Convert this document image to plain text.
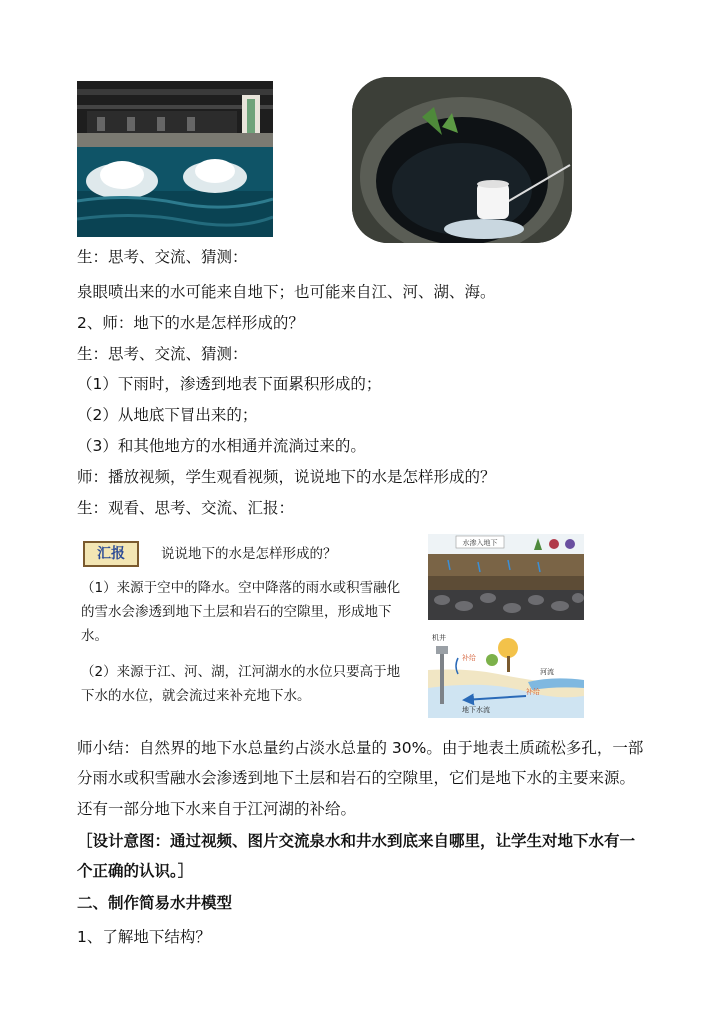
生：思考、交流、猜测：
泉眼喷出来的水可能来自地下；也可能来自江、河、湖、海。
2、师：地下的水是怎样形成的？
生：思考、交流、猜测：
（1）下雨时，渗透到地表下面累积形成的；
（2）从地底下冒出来的；
（3）和其他地方的水相通并流淌过来的。
师：播放视频，学生观看视频，说说地下的水是怎样形成的？
生：观看、思考、交流、汇报：
汇报	说说地下的水是怎样形成的？
（1）来源于空中的降水。空中降落的雨水或积雪融化的雪水会渗透到地下土层和岩石的空隙里，形成地下水。
（2）来源于江、河、湖，江河湖水的水位只要高于地下水的水位，就会流过来补充地下水。
水渗入地下
机井
补给
河流
补给
地下水流
师小结：自然界的地下水总量约占淡水总量的 30%。由于地表土质疏松多孔，一部
分雨水或积雪融水会渗透到地下土层和岩石的空隙里，它们是地下水的主要来源。
还有一部分地下水来自于江河湖的补给。
［设计意图：通过视频、图片交流泉水和井水到底来自哪里，让学生对地下水有一
个正确的认识。］
二、制作简易水井模型
1、了解地下结构？
